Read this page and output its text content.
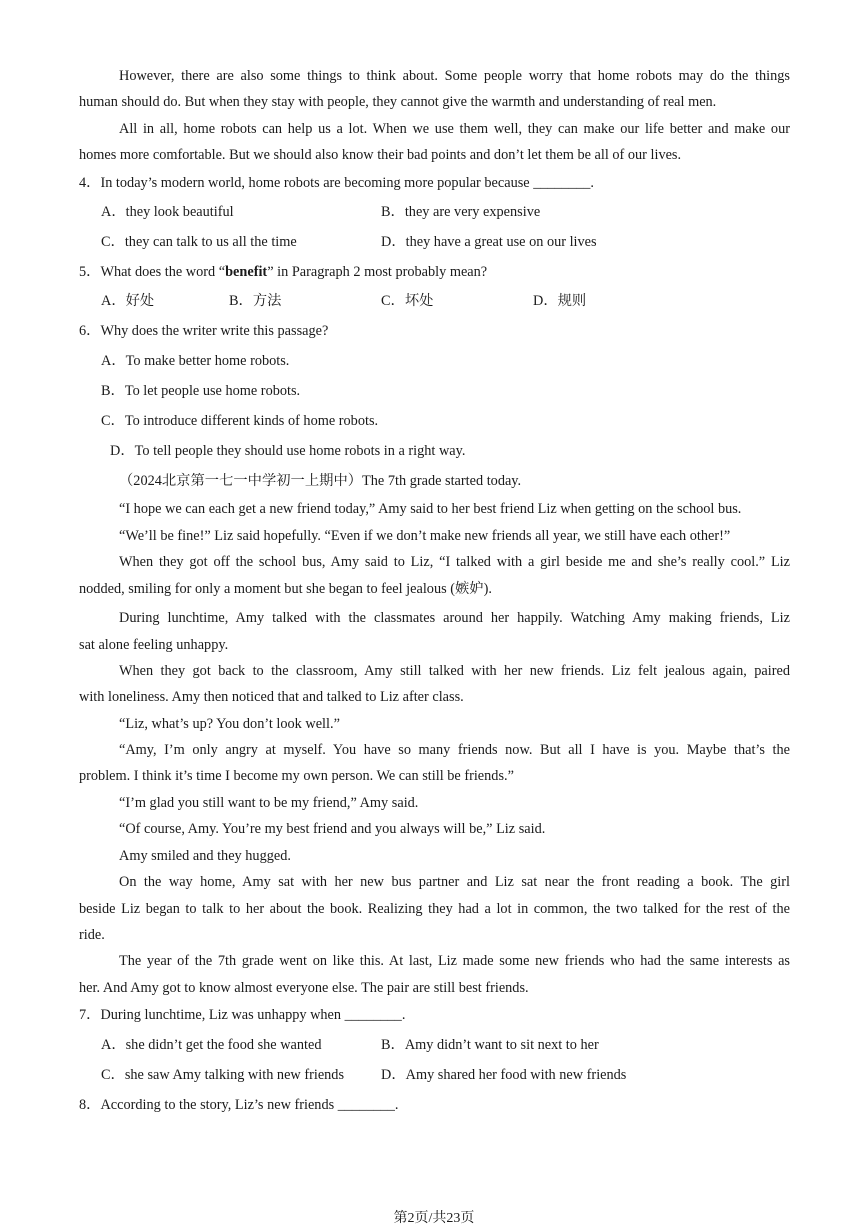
However, there are also some things to think about. Some people worry that home robots may do the things
human should do. But when they stay with people, they cannot give the warmth and understanding of real men.
All in all, home robots can help us a lot. When we use them well, they can make our life better and make our
homes more comfortable. But we should also know their bad points and don’t let them be all of our lives.
4．In today’s modern world, home robots are becoming more popular because ________.
A．they look beautiful	B．they are very expensive
C．they can talk to us all the time	D．they have a great use on our lives
5．What does the word “benefit” in Paragraph 2 most probably mean?
A．好处	B．方法	C．坏处	D．规则
6．Why does the writer write this passage?
A．To make better home robots.
B．To let people use home robots.
C．To introduce different kinds of home robots.
D．To tell people they should use home robots in a right way.
（2024北京第一七一中学初一上期中）The 7th grade started today.
“I hope we can each get a new friend today,” Amy said to her best friend Liz when getting on the school bus.
“We’ll be fine!” Liz said hopefully. “Even if we don’t make new friends all year, we still have each other!”
When they got off the school bus, Amy said to Liz, “I talked with a girl beside me and she’s really cool.” Liz
nodded, smiling for only a moment but she began to feel jealous (嫉妒).
During lunchtime, Amy talked with the classmates around her happily. Watching Amy making friends, Liz
sat alone feeling unhappy.
When they got back to the classroom, Amy still talked with her new friends. Liz felt jealous again, paired
with loneliness. Amy then noticed that and talked to Liz after class.
“Liz, what’s up? You don’t look well.”
“Amy, I’m only angry at myself. You have so many friends now. But all I have is you. Maybe that’s the
problem. I think it’s time I become my own person. We can still be friends.”
“I’m glad you still want to be my friend,” Amy said.
“Of course, Amy. You’re my best friend and you always will be,” Liz said.
Amy smiled and they hugged.
On the way home, Amy sat with her new bus partner and Liz sat near the front reading a book. The girl
beside Liz began to talk to her about the book. Realizing they had a lot in common, the two talked for the rest of the
ride.
The year of the 7th grade went on like this. At last, Liz made some new friends who had the same interests as
her. And Amy got to know almost everyone else. The pair are still best friends.
7．During lunchtime, Liz was unhappy when ________.
A．she didn’t get the food she wanted	B．Amy didn’t want to sit next to her
C．she saw Amy talking with new friends	D．Amy shared her food with new friends
8．According to the story, Liz’s new friends ________.
第2页/共23页
